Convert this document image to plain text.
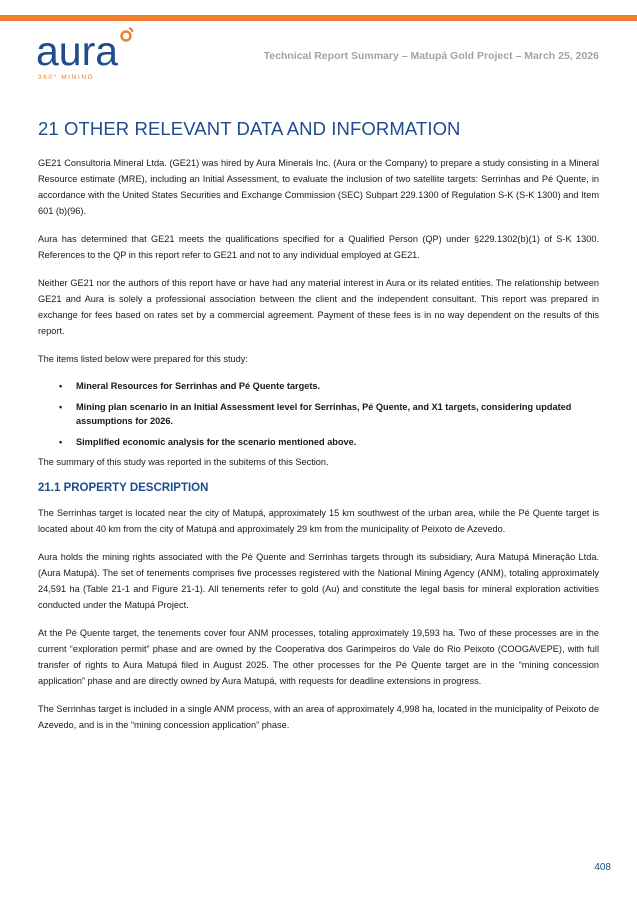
aura
360° MINING
Technical Report Summary – Matupá Gold Project – March 25, 2026
21 OTHER RELEVANT DATA AND INFORMATION

GE21 Consultoria Mineral Ltda. (GE21) was hired by Aura Minerals Inc. (Aura or the Company) to prepare a study consisting in a Mineral Resource estimate (MRE), including an Initial Assessment, to evaluate the inclusion of two satellite targets: Serrinhas and Pé Quente, in accordance with the United States Securities and Exchange Commission (SEC) Subpart 229.1300 of Regulation S-K (S-K 1300) and Item 601 (b)(96).

Aura has determined that GE21 meets the qualifications specified for a Qualified Person (QP) under §229.1302(b)(1) of S-K 1300. References to the QP in this report refer to GE21 and not to any individual employed at GE21.

Neither GE21 nor the authors of this report have or have had any material interest in Aura or its related entities. The relationship between GE21 and Aura is solely a professional association between the client and the independent consultant. This report was prepared in exchange for fees based on rates set by a commercial agreement. Payment of these fees is in no way dependent on the results of this report.

The items listed below were prepared for this study:

• Mineral Resources for Serrinhas and Pé Quente targets.
• Mining plan scenario in an Initial Assessment level for Serrinhas, Pé Quente, and X1 targets, considering updated assumptions for 2026.
• Simplified economic analysis for the scenario mentioned above.

The summary of this study was reported in the subitems of this Section.

21.1 PROPERTY DESCRIPTION

The Serrinhas target is located near the city of Matupá, approximately 15 km southwest of the urban area, while the Pé Quente target is located about 40 km from the city of Matupá and approximately 29 km from the municipality of Peixoto de Azevedo.

Aura holds the mining rights associated with the Pé Quente and Serrinhas targets through its subsidiary, Aura Matupá Mineração Ltda. (Aura Matupá). The set of tenements comprises five processes registered with the National Mining Agency (ANM), totaling approximately 24,591 ha (Table 21-1 and Figure 21-1). All tenements refer to gold (Au) and constitute the legal basis for mineral exploration activities conducted under the Matupá Project.

At the Pé Quente target, the tenements cover four ANM processes, totaling approximately 19,593 ha. Two of these processes are in the current “exploration permit” phase and are owned by the Cooperativa dos Garimpeiros do Vale do Rio Peixoto (COOGAVEPE), with full transfer of rights to Aura Matupá filed in August 2025. The other processes for the Pé Quente target are in the “mining concession application” phase and are directly owned by Aura Matupá, with requests for deadline extensions in progress.

The Serrinhas target is included in a single ANM process, with an area of approximately 4,998 ha, located in the municipality of Peixoto de Azevedo, and is in the “mining concession application” phase.

408
